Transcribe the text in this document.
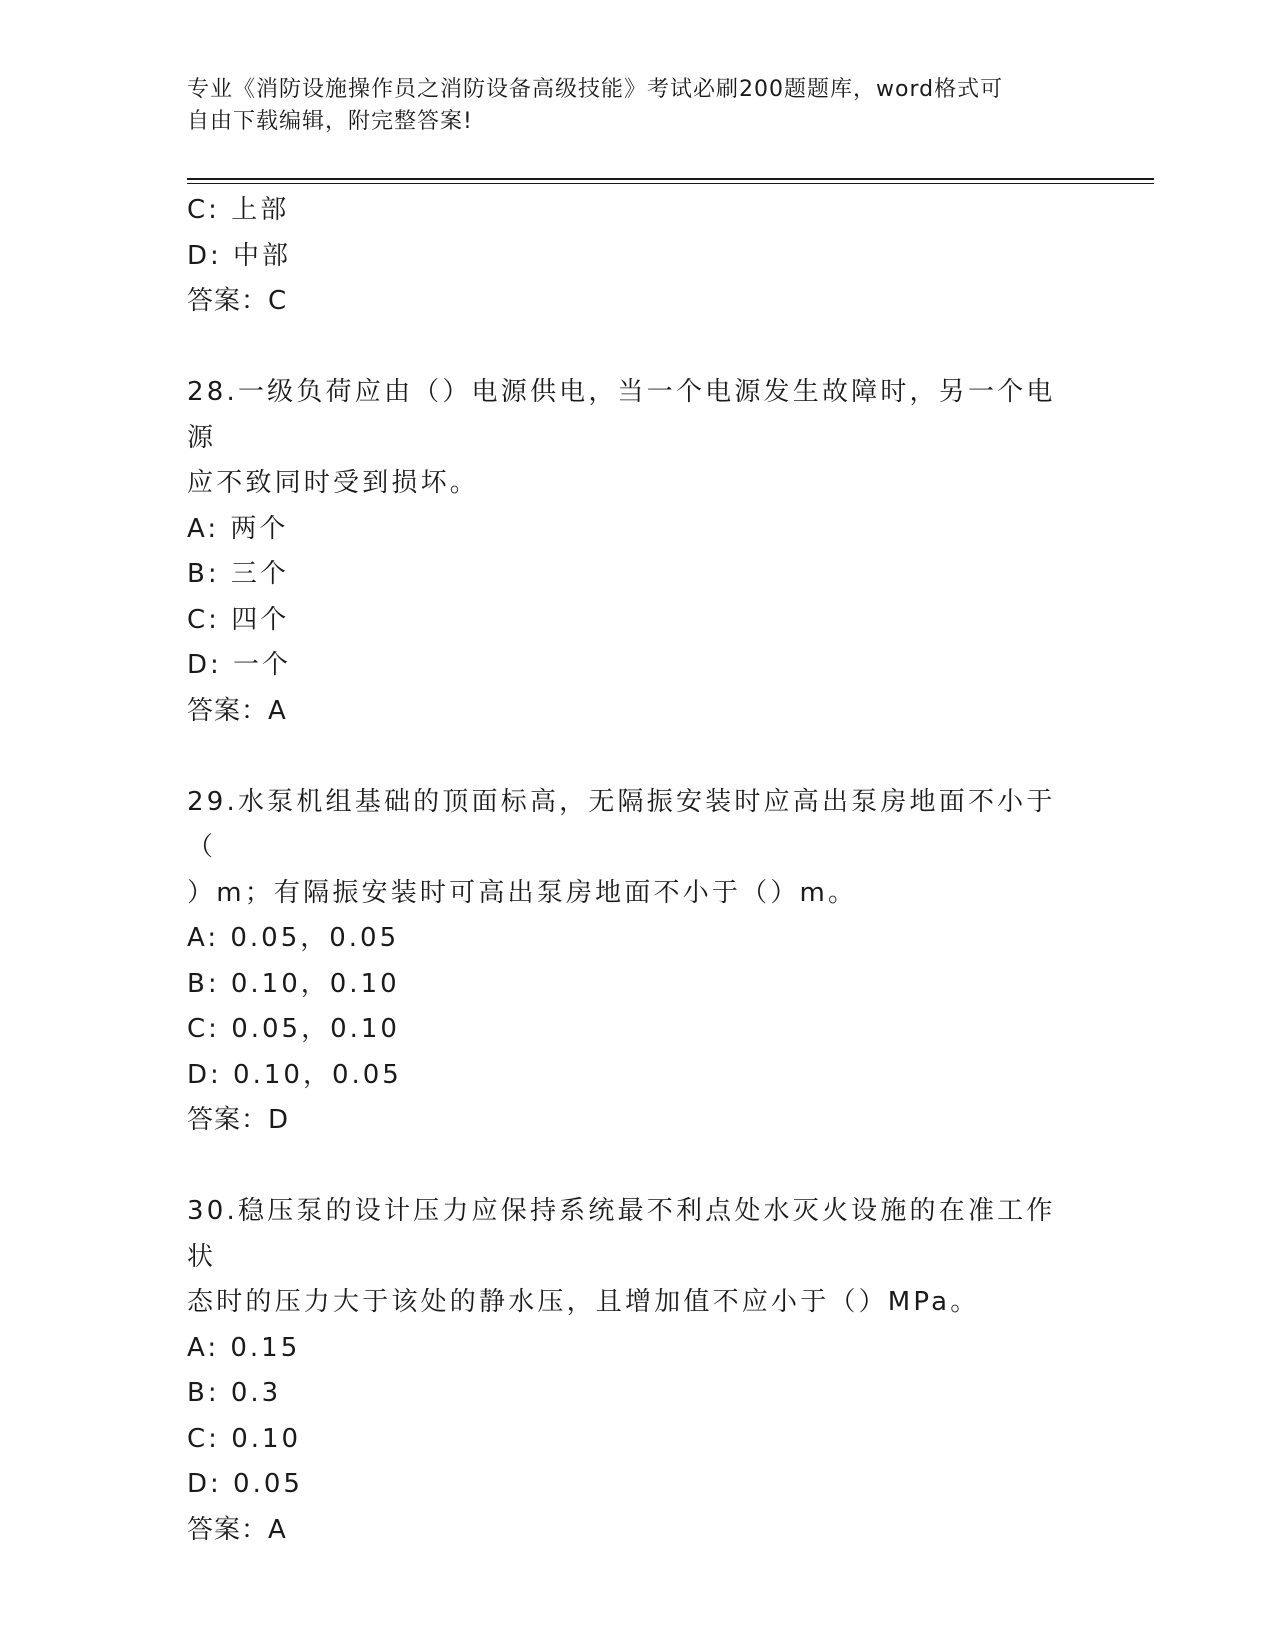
专业《消防设施操作员之消防设备高级技能》考试必刷200题题库，word格式可
自由下载编辑，附完整答案!
C: 上部
D: 中部
答案：C
28.一级负荷应由（）电源供电，当一个电源发生故障时，另一个电源
应不致同时受到损坏。
A: 两个
B: 三个
C: 四个
D: 一个
答案：A
29.水泵机组基础的顶面标高，无隔振安装时应高出泵房地面不小于（
）m；有隔振安装时可高出泵房地面不小于（）m。
A: 0.05，0.05
B: 0.10，0.10
C: 0.05，0.10
D: 0.10，0.05
答案：D
30.稳压泵的设计压力应保持系统最不利点处水灭火设施的在准工作状
态时的压力大于该处的静水压，且增加值不应小于（）MPa。
A: 0.15
B: 0.3
C: 0.10
D: 0.05
答案：A
